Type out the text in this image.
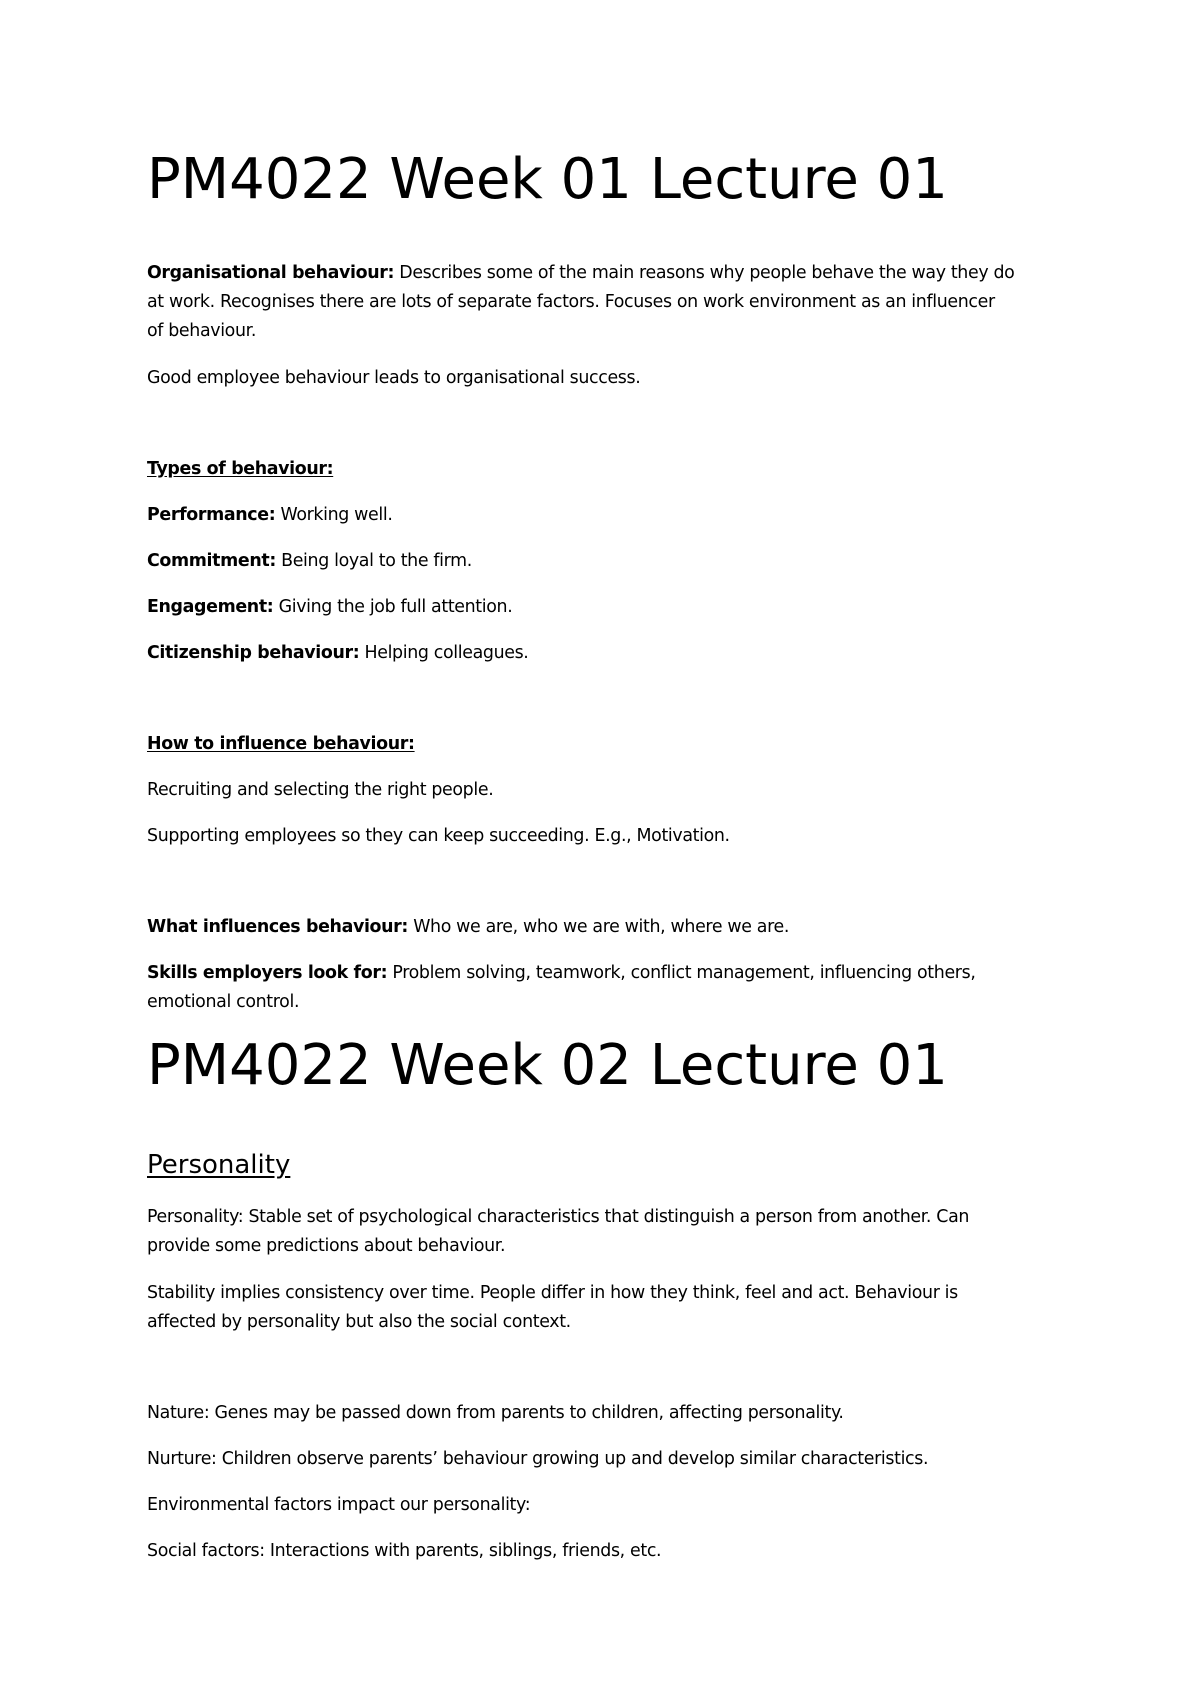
PM4022 Week 01 Lecture 01
Organisational behaviour: Describes some of the main reasons why people behave the way they do
at work. Recognises there are lots of separate factors. Focuses on work environment as an influencer
of behaviour.
Good employee behaviour leads to organisational success.
Types of behaviour:
Performance: Working well.
Commitment: Being loyal to the firm.
Engagement: Giving the job full attention.
Citizenship behaviour: Helping colleagues.
How to influence behaviour:
Recruiting and selecting the right people.
Supporting employees so they can keep succeeding. E.g., Motivation.
What influences behaviour: Who we are, who we are with, where we are.
Skills employers look for: Problem solving, teamwork, conflict management, influencing others,
emotional control.
PM4022 Week 02 Lecture 01
Personality
Personality: Stable set of psychological characteristics that distinguish a person from another. Can
provide some predictions about behaviour.
Stability implies consistency over time. People differ in how they think, feel and act. Behaviour is
affected by personality but also the social context.
Nature: Genes may be passed down from parents to children, affecting personality.
Nurture: Children observe parents’ behaviour growing up and develop similar characteristics.
Environmental factors impact our personality:
Social factors: Interactions with parents, siblings, friends, etc.
